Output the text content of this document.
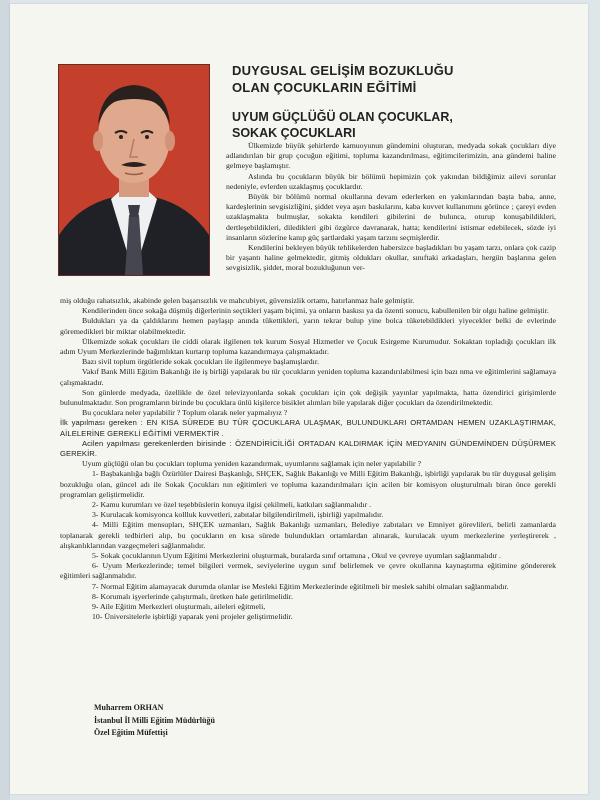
DUYGUSAL GELİŞİM BOZUKLUĞU
OLAN ÇOCUKLARIN EĞİTİMİ
UYUM GÜÇLÜĞÜ OLAN ÇOCUKLAR,
SOKAK ÇOCUKLARI

Ülkemizde büyük şehirlerde kamuoyunun gündemini oluşturan, medyada sokak çocukları diye adlandırılan bir grup çocuğun eğitimi, topluma kazandırılması, eğitimcilerimizin, ana gündemi haline gelmeye başlamıştır.

Aslında bu çocukların büyük bir bölümü hepimizin çok yakından bildiğimiz ailevi sorunlar nedeniyle, evlerden uzaklaşmış çocuklardır.

Büyük bir bölümü normal okullarına devam ederlerken en yakınlarından başta baba, anne, kardeşlerinin sevgisizliğini, şiddet veya aşırı baskılarını, kaba kuvvet kullanımını görünce ; çareyi evden uzaklaşmakta bulmuşlar, sokakta kendileri gibilerini de bulunca, oturup konuşabildikleri, dertleşebildikleri, diledikleri gibi özgürce davranarak, hatta; kendilerini istismar edebilecek, sözde iyi insanların sözlerine kanıp güç şartlardaki yaşam tarzını seçmişlerdir.

Kendilerini bekleyen büyük tehlikelerden habersizce başladıkları bu yaşam tarzı, onlara çok cazip bir yaşantı haline gelmektedir, gitmiş oldukları okullar, sınıftaki arkadaşları, hergün başlarına gelen sevgisizlik, şiddet, moral bozukluğunun ver-

miş olduğu rahatsızlık, akabinde gelen başarısızlık ve mahcubiyet, güvensizlik ortamı, hatırlanmaz hale gelmiştir.

Kendilerinden önce sokağa düşmüş diğerlerinin seçtikleri yaşam biçimi, ya onların baskısı ya da özenti sonucu, kabullenilen bir olgu haline gelmiştir.

Buldukları ya da çaldıklarını hemen paylaşıp anında tükettikleri, yarın tekrar bulup yine bolca tüketebildikleri yiyecekler belki de evlerinde göremedikleri bir miktar olabilmektedir.

Ülkemizde sokak çocukları ile ciddi olarak ilgilenen tek kurum Sosyal Hizmetler ve Çocuk Esirgeme Kurumudur. Sokaktan topladığı çocukları ilk adım Uyum Merkezlerinde bağımlıktan kurtarıp topluma kazandırmaya çalışmaktadır.

Bazı sivil toplum örgütleride sokak çocukları ile ilgilenmeye başlamışlardır.

Vakıf Bank Milli Eğitim Bakanlığı ile iş birliği yapılarak bu tür çocukların yeniden topluma kazandırılabilmesi için bazı nma ve eğitimlerini sağlamaya çalışmaktadır.

Son günlerde medyada, özellikle de özel televizyonlarda sokak çocukları için çok değişik yayınlar yapılmakta, hatta özendirici girişimlerde bulunulmaktadır. Son programların birinde bu çocuklara ünlü kişilerce bisiklet alımları bile yapılarak diğer çocukları da özendirilmektedir.

Bu çocuklara neler yapılabilir ? Toplum olarak neler yapmalıyız ?

İlk yapılması gereken : EN KISA SÜREDE BU TÜR ÇOCUKLARA ULAŞMAK, BULUNDUKLARI ORTAMDAN HEMEN UZAKLAŞTIRMAK, AİLELERİNE GEREKLİ EĞİTİMİ VERMEKTİR .

Acilen yapılması gerekenlerden birisinde : ÖZENDİRİCİLİĞİ ORTADAN KALDIRMAK İÇİN MEDYANIN GÜNDEMİNDEN DÜŞÜRMEK GEREKİR.

Uyum güçlüğü olan bu çocukları topluma yeniden kazandırmak, uyumlarını sağlamak için neler yapılabilir ?

1- Başbakanlığa bağlı Özürlüler Dairesi Başkanlığı, SHÇEK, Sağlık Bakanlığı ve Milli Eğitim Bakanlığı, işbirliği yapılarak bu tür duygusal gelişim bozukluğu olan, güncel adı ile Sokak Çocukları nın eğitimleri ve topluma kazandırılmaları için acilen bir komisyon oluşturulmalı biran önce gerekli programları geliştirmelidir.

2- Kamu kurumları ve özel teşebbüslerin konuya ilgisi çekilmeli, katkıları sağlanmalıdır .

3- Kurulacak komisyonca kollluk kuvvetleri, zabıtalar bilgilendirilmeli, işbirliği yapılmalıdır.

4- Milli Eğitim mensupları, SHÇEK uzmanları, Sağlık Bakanlığı uzmanları, Belediye zabıtaları ve Emniyet görevlileri, belirli zamanlarda toplanarak gerekli tedbirleri alıp, bu çocukların en kısa sürede bulundukları ortamlardan alınarak, kurulacak uyum merkezlerine yerleştirerek , alışkanlıklarından vazgeçmeleri sağlanmalıdır.

5- Sokak çocuklarının Uyum Eğitimi Merkezlerini oluşturmak, buralarda sınıf ortamına , Okul ve çevreye uyumları sağlanmalıdır .

6- Uyum Merkezlerinde; temel bilgileri vermek, seviyelerine uygun sınıf belirlemek ve çevre okullarına kaynaştırma eğitimine göndererek eğitimleri sağlanmalıdır.

7- Normal Eğitim alamayacak durumda olanlar ise Mesleki Eğitim Merkezlerinde eğitilmeli bir meslek sahibi olmaları sağlanmalıdır.

8- Korumalı işyerlerinde çalıştırmalı, üretken hale getirilmelidir.

9- Aile Eğitim Merkezleri oluşturmalı, aileleri eğitmeli,

10- Üniversitelerle işbirliği yaparak yeni projeler geliştirmelidir.

Muharrem ORHAN
İstanbul İl Milli Eğitim Müdürlüğü
Özel Eğitim Müfettişi
